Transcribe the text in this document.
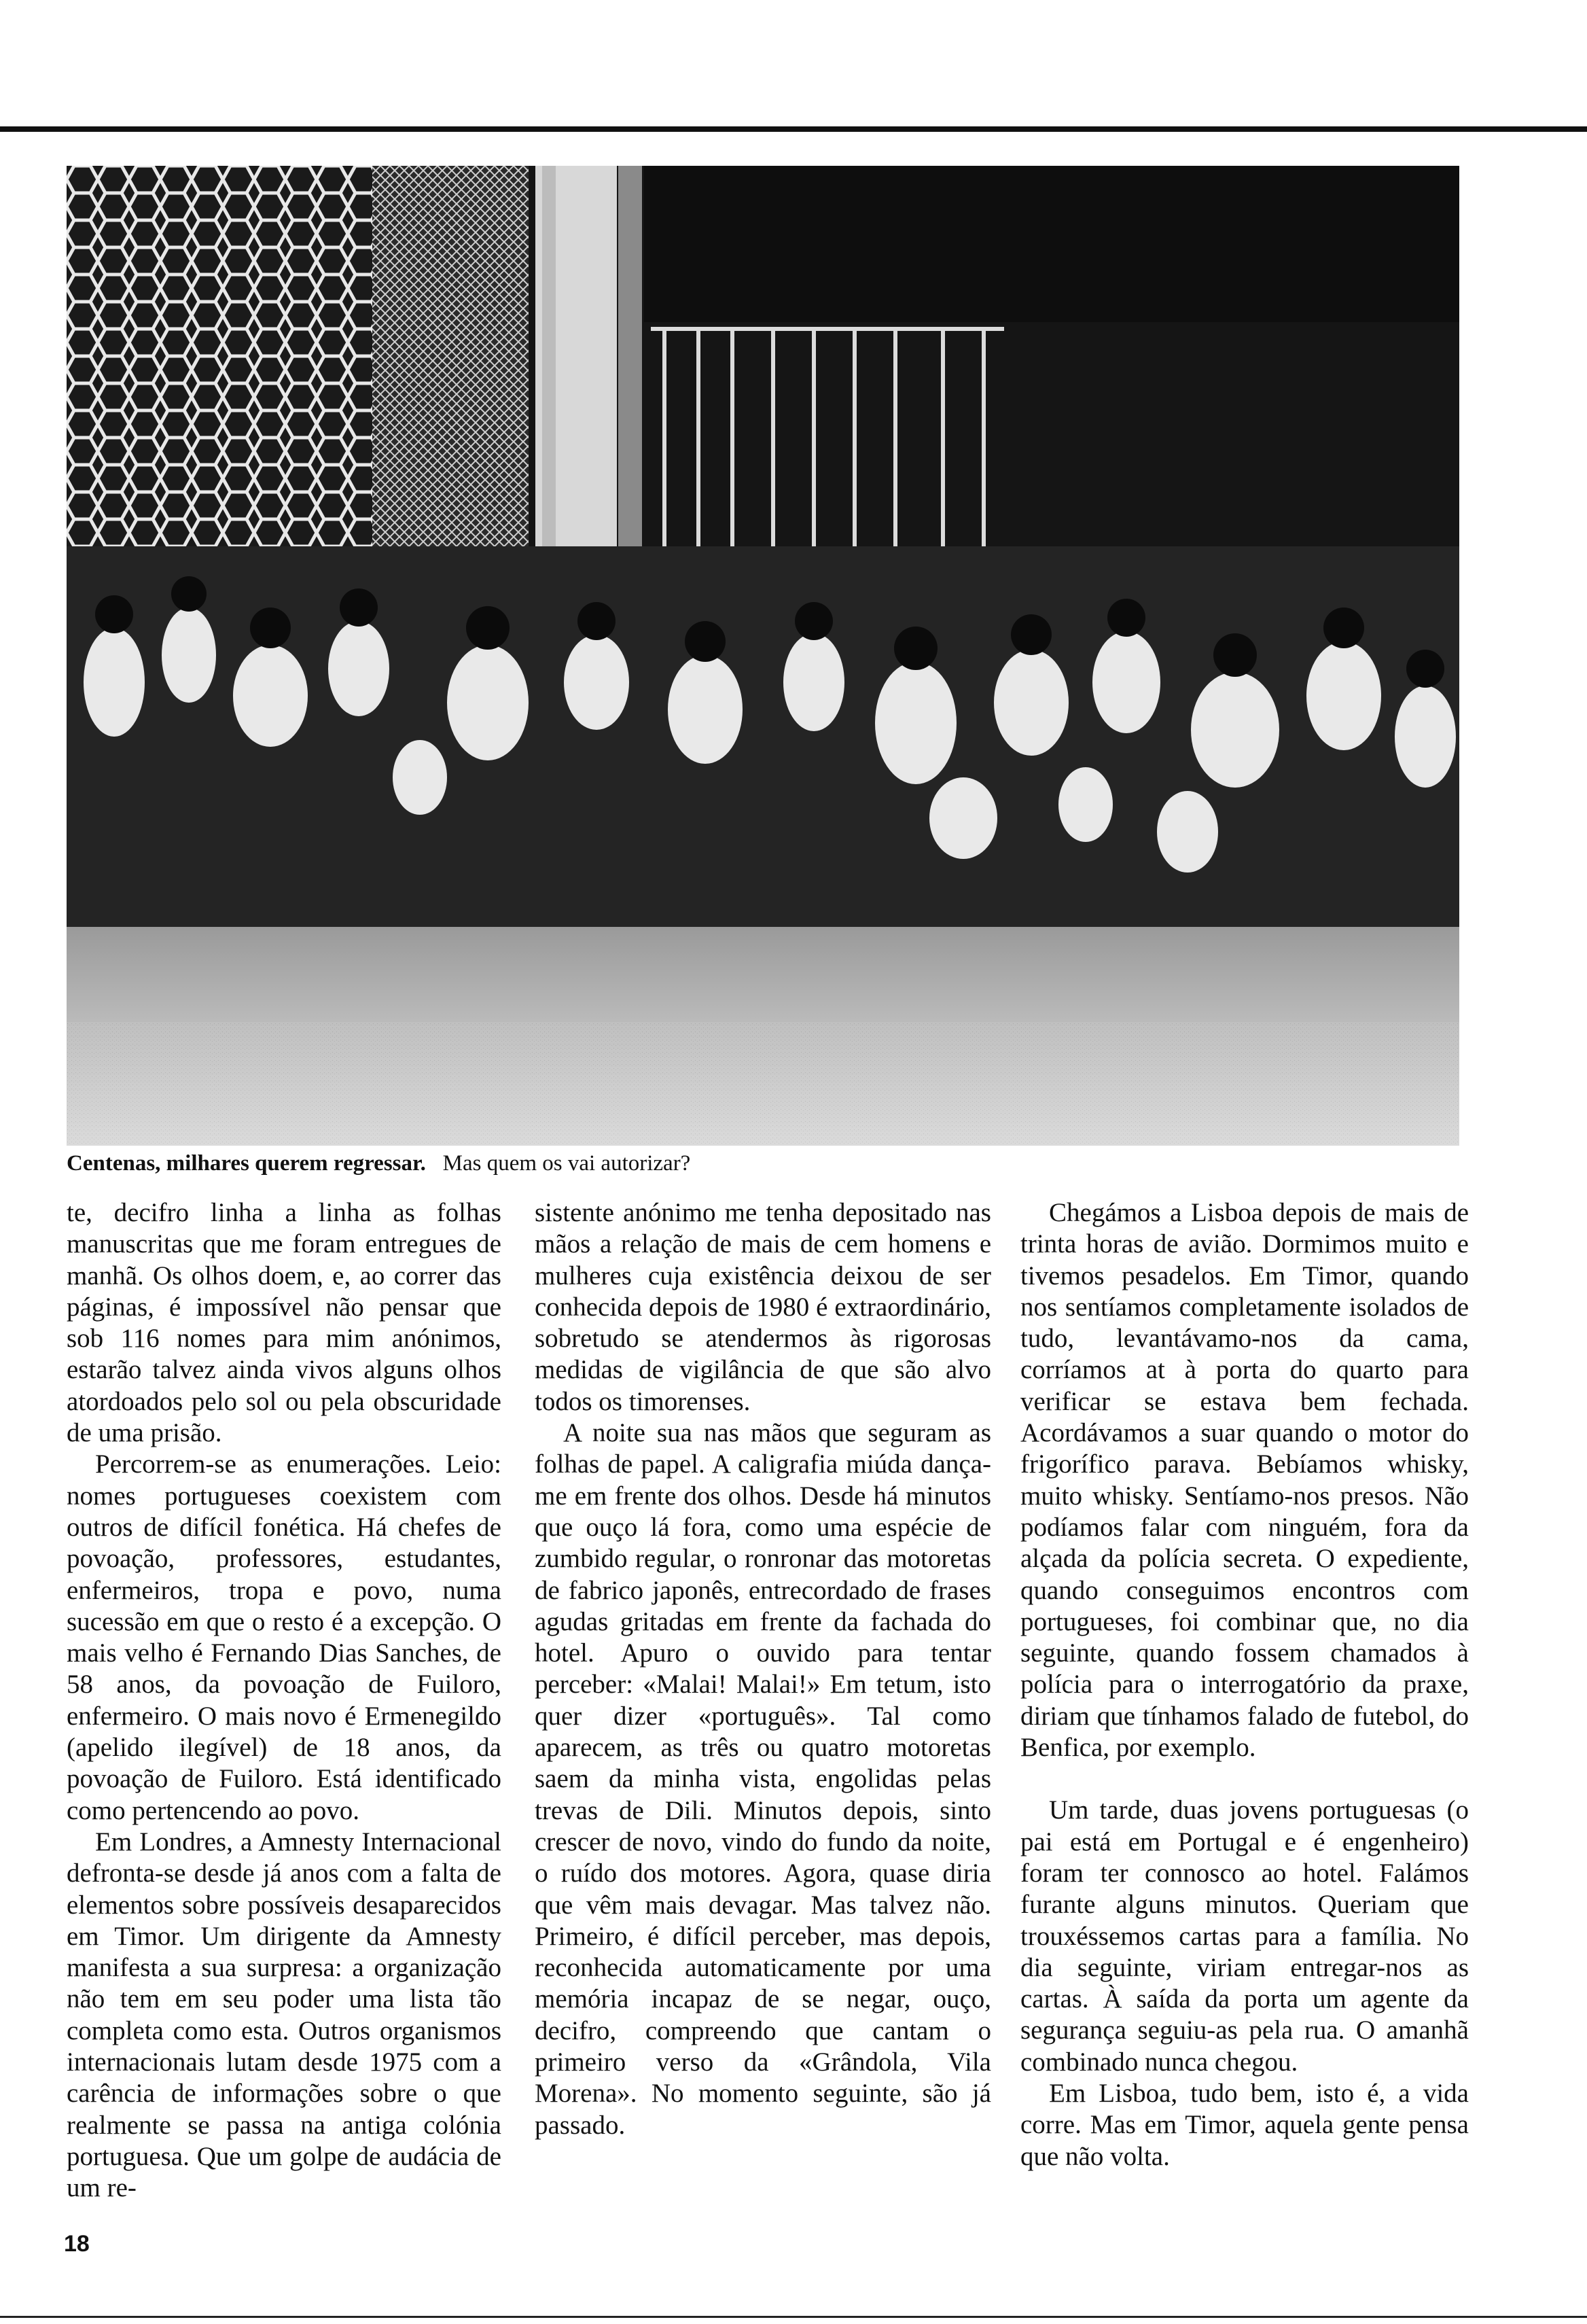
Centenas, milhares querem regressar. Mas quem os vai autorizar?

te, decifro linha a linha as folhas manuscritas que me foram entregues de manhã. Os olhos doem, e, ao correr das páginas, é impossível não pensar que sob 116 nomes para mim anónimos, estarão talvez ainda vivos alguns olhos atordoados pelo sol ou pela obscuridade de uma prisão.

Percorrem-se as enumerações. Leio: nomes portugueses coexistem com outros de difícil fonética. Há chefes de povoação, professores, estudantes, enfermeiros, tropa e povo, numa sucessão em que o resto é a excepção. O mais velho é Fernando Dias Sanches, de 58 anos, da povoação de Fuiloro, enfermeiro. O mais novo é Ermenegildo (apelido ilegível) de 18 anos, da povoação de Fuiloro. Está identificado como pertencendo ao povo.

Em Londres, a Amnesty Internacional defronta-se desde já anos com a falta de elementos sobre possíveis desaparecidos em Timor. Um dirigente da Amnesty manifesta a sua surpresa: a organização não tem em seu poder uma lista tão completa como esta. Outros organismos internacionais lutam desde 1975 com a carência de informações sobre o que realmente se passa na antiga colónia portuguesa. Que um golpe de audácia de um re-

sistente anónimo me tenha depositado nas mãos a relação de mais de cem homens e mulheres cuja existência deixou de ser conhecida depois de 1980 é extraordinário, sobretudo se atendermos às rigorosas medidas de vigilância de que são alvo todos os timorenses.

A noite sua nas mãos que seguram as folhas de papel. A caligrafia miúda dança-me em frente dos olhos. Desde há minutos que ouço lá fora, como uma espécie de zumbido regular, o ronronar das motoretas de fabrico japonês, entrecordado de frases agudas gritadas em frente da fachada do hotel. Apuro o ouvido para tentar perceber: «Malai! Malai!» Em tetum, isto quer dizer «português». Tal como aparecem, as três ou quatro motoretas saem da minha vista, engolidas pelas trevas de Dili. Minutos depois, sinto crescer de novo, vindo do fundo da noite, o ruído dos motores. Agora, quase diria que vêm mais devagar. Mas talvez não. Primeiro, é difícil perceber, mas depois, reconhecida automaticamente por uma memória incapaz de se negar, ouço, decifro, compreendo que cantam o primeiro verso da «Grândola, Vila Morena». No momento seguinte, são já passado.

Chegámos a Lisboa depois de mais de trinta horas de avião. Dormimos muito e tivemos pesadelos. Em Timor, quando nos sentíamos completamente isolados de tudo, levantávamo-nos da cama, corríamos at à porta do quarto para verificar se estava bem fechada. Acordávamos a suar quando o motor do frigorífico parava. Bebíamos whisky, muito whisky. Sentíamo-nos presos. Não podíamos falar com ninguém, fora da alçada da polícia secreta. O expediente, quando conseguimos encontros com portugueses, foi combinar que, no dia seguinte, quando fossem chamados à polícia para o interrogatório da praxe, diriam que tínhamos falado de futebol, do Benfica, por exemplo.

Um tarde, duas jovens portuguesas (o pai está em Portugal e é engenheiro) foram ter connosco ao hotel. Falámos furante alguns minutos. Queriam que trouxéssemos cartas para a família. No dia seguinte, viriam entregar-nos as cartas. À saída da porta um agente da segurança seguiu-as pela rua. O amanhã combinado nunca chegou.

Em Lisboa, tudo bem, isto é, a vida corre. Mas em Timor, aquela gente pensa que não volta.

18
